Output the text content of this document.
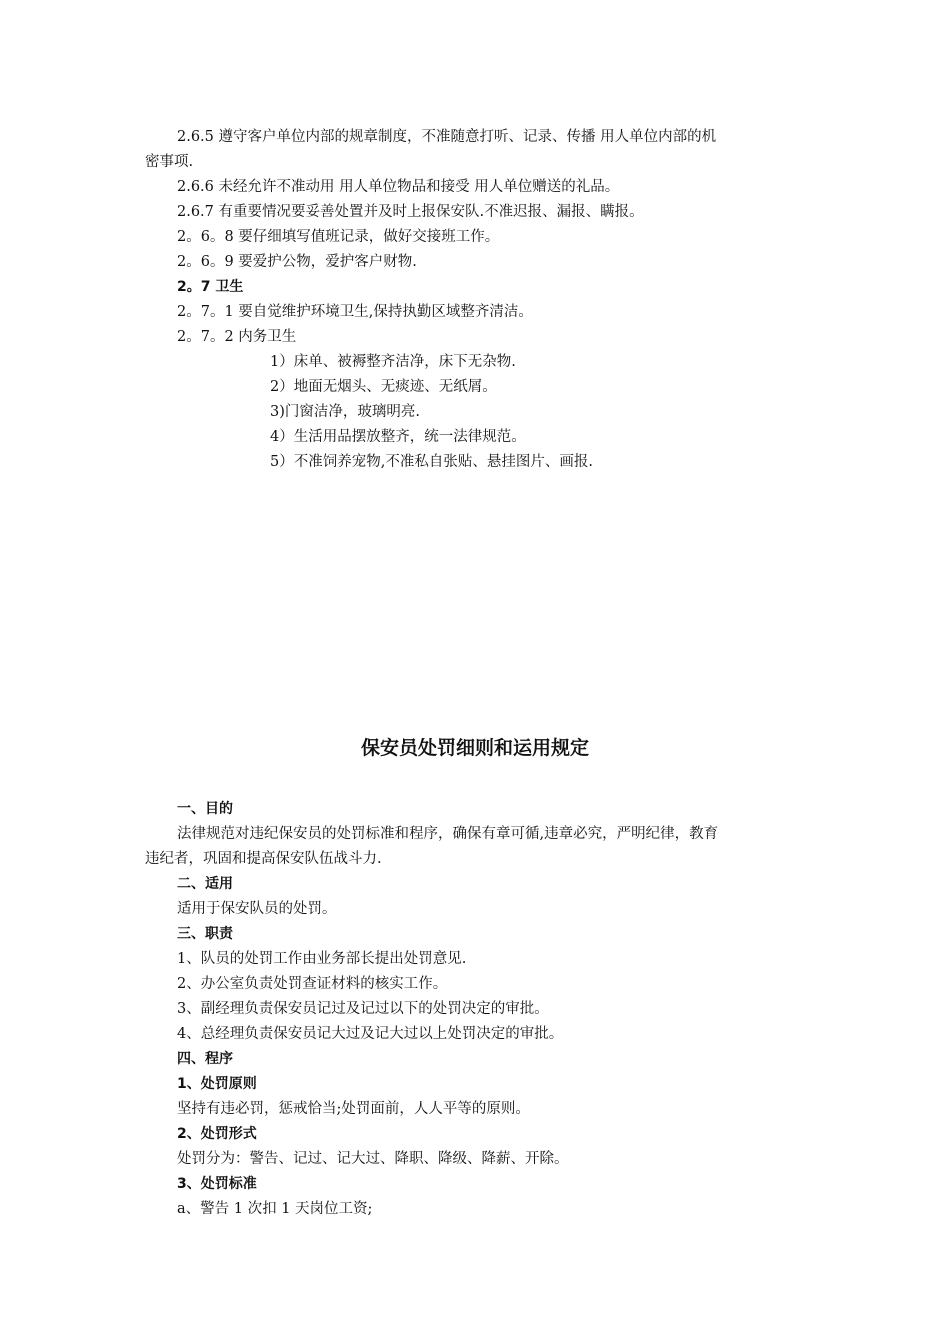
2.6.5 遵守客户单位内部的规章制度，不准随意打听、记录、传播 用人单位内部的机
密事项.
2.6.6 未经允许不准动用 用人单位物品和接受 用人单位赠送的礼品。
2.6.7 有重要情况要妥善处置并及时上报保安队.不准迟报、漏报、瞒报。
2。6。8 要仔细填写值班记录，做好交接班工作。
2。6。9 要爱护公物，爱护客户财物.
2。7 卫生
2。7。1 要自觉维护环境卫生,保持执勤区域整齐清洁。
2。7。2 内务卫生
1）床单、被褥整齐洁净，床下无杂物.
2）地面无烟头、无痰迹、无纸屑。
3)门窗洁净，玻璃明亮.
4）生活用品摆放整齐，统一法律规范。
5）不准饲养宠物,不准私自张贴、悬挂图片、画报.
保安员处罚细则和运用规定
一、目的
法律规范对违纪保安员的处罚标准和程序，确保有章可循,违章必究，严明纪律，教育
违纪者，巩固和提高保安队伍战斗力.
二、适用
适用于保安队员的处罚。
三、职责
1、队员的处罚工作由业务部长提出处罚意见.
2、办公室负责处罚查证材料的核实工作。
3、副经理负责保安员记过及记过以下的处罚决定的审批。
4、总经理负责保安员记大过及记大过以上处罚决定的审批。
四、程序
1、处罚原则
坚持有违必罚，惩戒恰当;处罚面前，人人平等的原则。
2、处罚形式
处罚分为：警告、记过、记大过、降职、降级、降薪、开除。
3、处罚标准
a、警告 1 次扣 1 天岗位工资;
